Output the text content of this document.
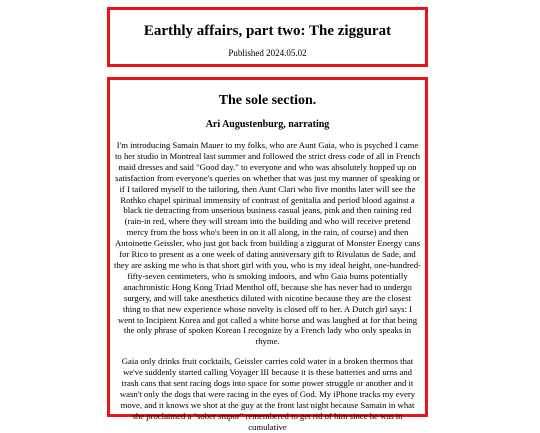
Earthly affairs, part two: The ziggurat
Published 2024.05.02
The sole section.
Ari Augustenburg, narrating

I'm introducing Samain Mauer to my folks, who are Aunt Gaia, who is psyched I came to her studio in Montreal last summer and followed the strict dress code of all in French maid dresses and said "Good day." to everyone and who was absolutely hopped up on satisfaction from everyone's queries on whether that was just my manner of speaking or if I tailored myself to the tailoring, then Aunt Clari who five months later will see the Rothko chapel spiritual immensity of contrast of genitalia and period blood against a black tie detracting from unserious business casual jeans, pink and then raining red (rain-in red, where they will stream into the building and who will receive pretend mercy from the boss who's been in on it all along, in the rain, of course) and then Antoinette Geissler, who just got back from building a ziggurat of Monster Energy cans for Rico to present as a one week of dating anniversary gift to Rivulatus de Sade, and they are asking me who is that short girl with you, who is my ideal height, one-hundred-fifty-seven centimeters, who is smoking indoors, and who Gaia bums potentially anachronistic Hong Kong Triad Menthol off, because she has never had to undergo surgery, and will take anesthetics diluted with nicotine because they are the closest thing to that new experience whose novelty is closed off to her. A Dutch girl says: I went to Incipient Korea and got called a white horse and was laughed at for that being the only phrase of spoken Korean I recognize by a French lady who only speaks in rhyme.

Gaia only drinks fruit cocktails, Geissler carries cold water in a broken thermos that we've suddenly started calling Voyager III because it is these batteries and urns and trash cans that sent racing dogs into space for some power struggle or another and it wasn't only the dogs that were racing in the eyes of God. My iPhone tracks my every move, and it knows we shot at the guy at the front last night because Samain in what she proclaimed a "sober stupor" remembered to get rid of him since he was in cumulative
